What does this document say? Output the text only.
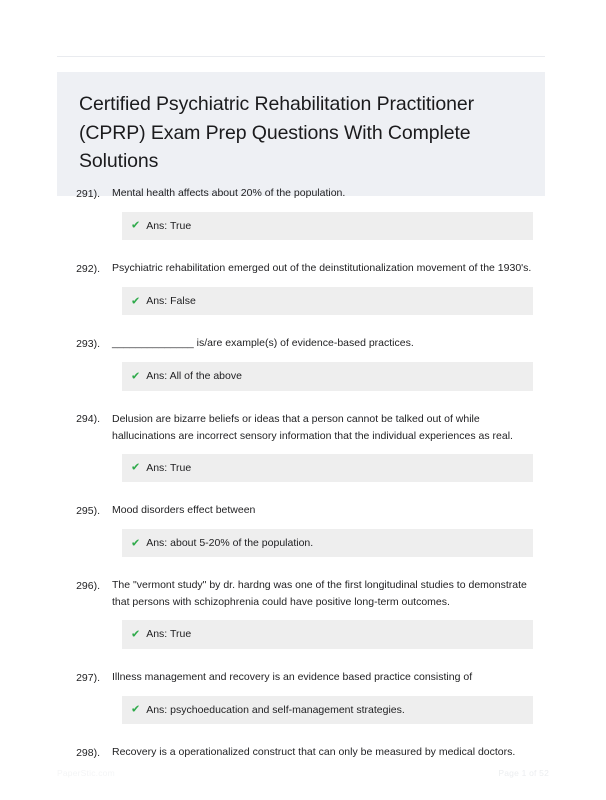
Certified Psychiatric Rehabilitation Practitioner (CPRP) Exam Prep Questions With Complete Solutions
291).	Mental health affects about 20% of the population.
✔ Ans: True
292).	Psychiatric rehabilitation emerged out of the deinstitutionalization movement of the 1930's.
✔ Ans: False
293).	______________ is/are example(s) of evidence-based practices.
✔ Ans: All of the above
294).	Delusion are bizarre beliefs or ideas that a person cannot be talked out of while hallucinations are incorrect sensory information that the individual experiences as real.
✔ Ans: True
295).	Mood disorders effect between
✔ Ans: about 5-20% of the population.
296).	The "vermont study" by dr. hardng was one of the first longitudinal studies to demonstrate that persons with schizophrenia could have positive long-term outcomes.
✔ Ans: True
297).	Illness management and recovery is an evidence based practice consisting of
✔ Ans: psychoeducation and self-management strategies.
298).	Recovery is a operationalized construct that can only be measured by medical doctors.
PaperStic.com	Page 1 of 52
